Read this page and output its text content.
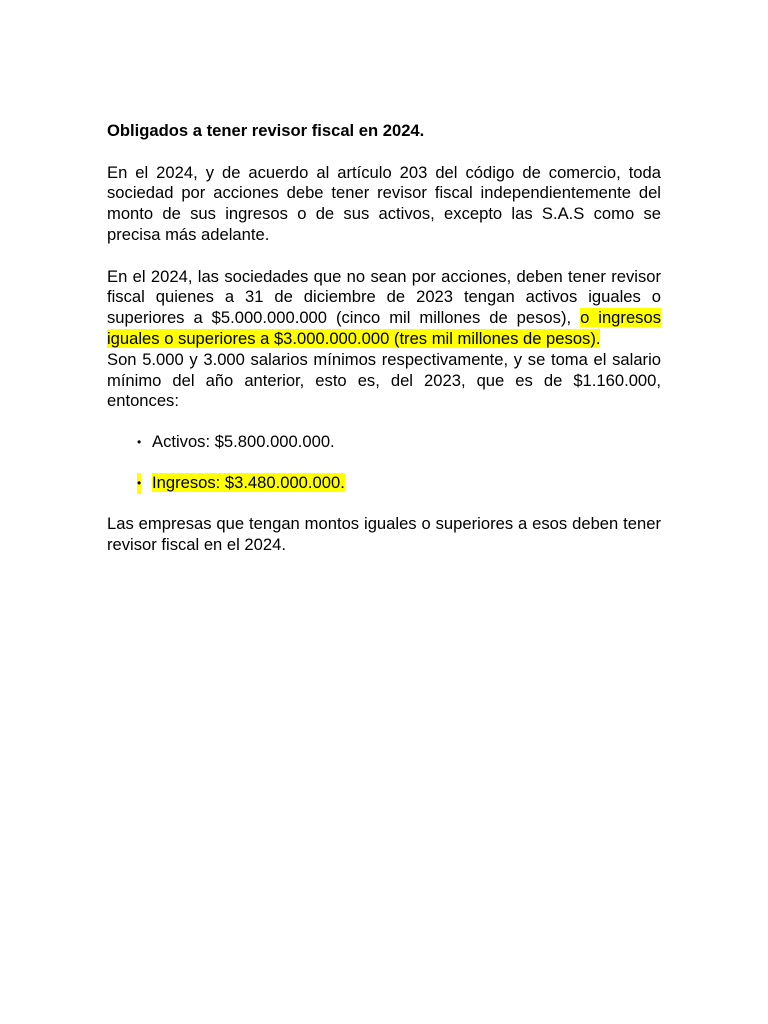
Obligados a tener revisor fiscal en 2024.

En el 2024, y de acuerdo al artículo 203 del código de comercio, toda sociedad por acciones debe tener revisor fiscal independientemente del monto de sus ingresos o de sus activos, excepto las S.A.S como se precisa más adelante.

En el 2024, las sociedades que no sean por acciones, deben tener revisor fiscal quienes a 31 de diciembre de 2023 tengan activos iguales o superiores a $5.000.000.000 (cinco mil millones de pesos), o ingresos iguales o superiores a $3.000.000.000 (tres mil millones de pesos).

Son 5.000 y 3.000 salarios mínimos respectivamente, y se toma el salario mínimo del año anterior, esto es, del 2023, que es de $1.160.000, entonces:

• Activos: $5.800.000.000.
• Ingresos: $3.480.000.000.

Las empresas que tengan montos iguales o superiores a esos deben tener revisor fiscal en el 2024.
